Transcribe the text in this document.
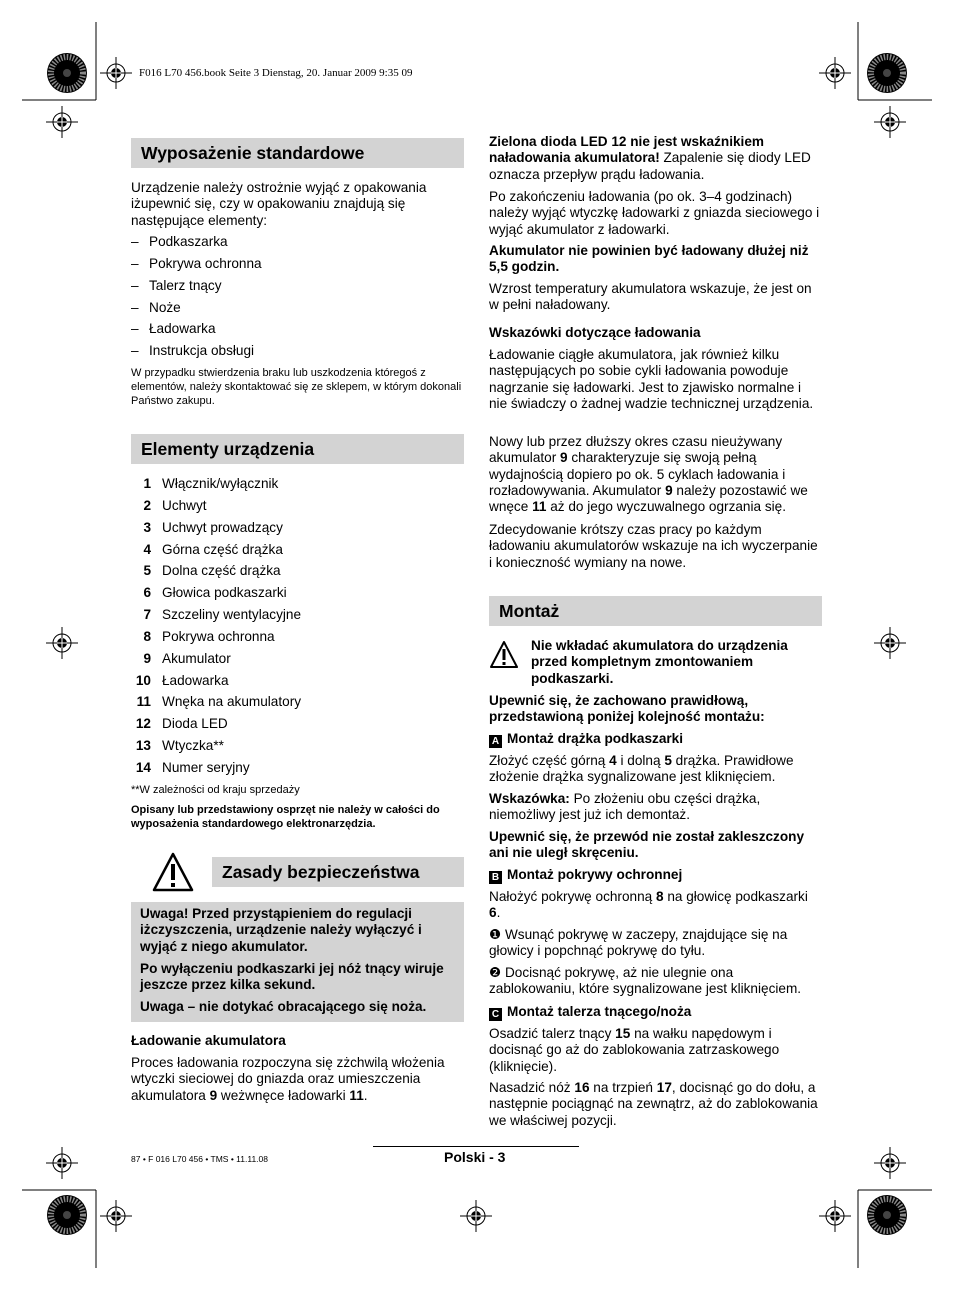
F016 L70 456.book Seite 3 Dienstag, 20. Januar 2009 9:35 09
Wyposażenie standardowe
Urządzenie należy ostrożnie wyjąć z opakowania iżupewnić się, czy w opakowaniu znajdują się następujące elementy:
– Podkaszarka
– Pokrywa ochronna
– Talerz tnący
– Noże
– Ładowarka
– Instrukcja obsługi
W przypadku stwierdzenia braku lub uszkodzenia któregoś z elementów, należy skontaktować się ze sklepem, w którym dokonali Państwo zakupu.
Elementy urządzenia
1 Włącznik/wyłącznik
2 Uchwyt
3 Uchwyt prowadzący
4 Górna część drążka
5 Dolna część drążka
6 Głowica podkaszarki
7 Szczeliny wentylacyjne
8 Pokrywa ochronna
9 Akumulator
10 Ładowarka
11 Wnęka na akumulatory
12 Dioda LED
13 Wtyczka**
14 Numer seryjny
**W zależności od kraju sprzedaży
Opisany lub przedstawiony osprzęt nie należy w całości do wyposażenia standardowego elektronarzędzia.
Zasady bezpieczeństwa

Uwaga! Przed przystąpieniem do regulacji iżczyszczenia, urządzenie należy wyłączyć i wyjąć z niego akumulator.

Po wyłączeniu podkaszarki jej nóż tnący wiruje jeszcze przez kilka sekund.

Uwaga – nie dotykać obracającego się noża.

Ładowanie akumulatora
Proces ładowania rozpoczyna się zżchwilą włożenia wtyczki sieciowej do gniazda oraz umieszczenia akumulatora 9 weżwnęce ładowarki 11.
Zielona dioda LED 12 nie jest wskaźnikiem naładowania akumulatora! Zapalenie się diody LED oznacza przepływ prądu ładowania.
Po zakończeniu ładowania (po ok. 3–4 godzinach) należy wyjąć wtyczkę ładowarki z gniazda sieciowego i wyjąć akumulator z ładowarki.
Akumulator nie powinien być ładowany dłużej niż 5,5 godzin.
Wzrost temperatury akumulatora wskazuje, że jest on w pełni naładowany.
Wskazówki dotyczące ładowania
Ładowanie ciągłe akumulatora, jak również kilku następujących po sobie cykli ładowania powoduje nagrzanie się ładowarki. Jest to zjawisko normalne i nie świadczy o żadnej wadzie technicznej urządzenia.
Nowy lub przez dłuższy okres czasu nieużywany akumulator 9 charakteryzuje się swoją pełną wydajnością dopiero po ok. 5 cyklach ładowania i rozładowywania. Akumulator 9 należy pozostawić we wnęce 11 aż do jego wyczuwalnego ogrzania się.
Zdecydowanie krótszy czas pracy po każdym ładowaniu akumulatorów wskazuje na ich wyczerpanie i konieczność wymiany na nowe.
Montaż
Nie wkładać akumulatora do urządzenia przed kompletnym zmontowaniem podkaszarki.
Upewnić się, że zachowano prawidłową, przedstawioną poniżej kolejność montażu:
A Montaż drążka podkaszarki
Złożyć część górną 4 i dolną 5 drążka. Prawidłowe złożenie drążka sygnalizowane jest kliknięciem.
Wskazówka: Po złożeniu obu części drążka, niemożliwy jest już ich demontaż.
Upewnić się, że przewód nie został zakleszczony ani nie uległ skręceniu.
B Montaż pokrywy ochronnej
Nałożyć pokrywę ochronną 8 na głowicę podkaszarki 6.
❶ Wsunąć pokrywę w zaczepy, znajdujące się na głowicy i popchnąć pokrywę do tyłu.
❷ Docisnąć pokrywę, aż nie ulegnie ona zablokowaniu, które sygnalizowane jest kliknięciem.
C Montaż talerza tnącego/noża
Osadzić talerz tnący 15 na wałku napędowym i docisnąć go aż do zablokowania zatrzaskowego (kliknięcie).
Nasadzić nóż 16 na trzpień 17, docisnąć go do dołu, a następnie pociągnąć na zewnątrz, aż do zablokowania we właściwej pozycji.
87 • F 016 L70 456 • TMS • 11.11.08	Polski - 3
